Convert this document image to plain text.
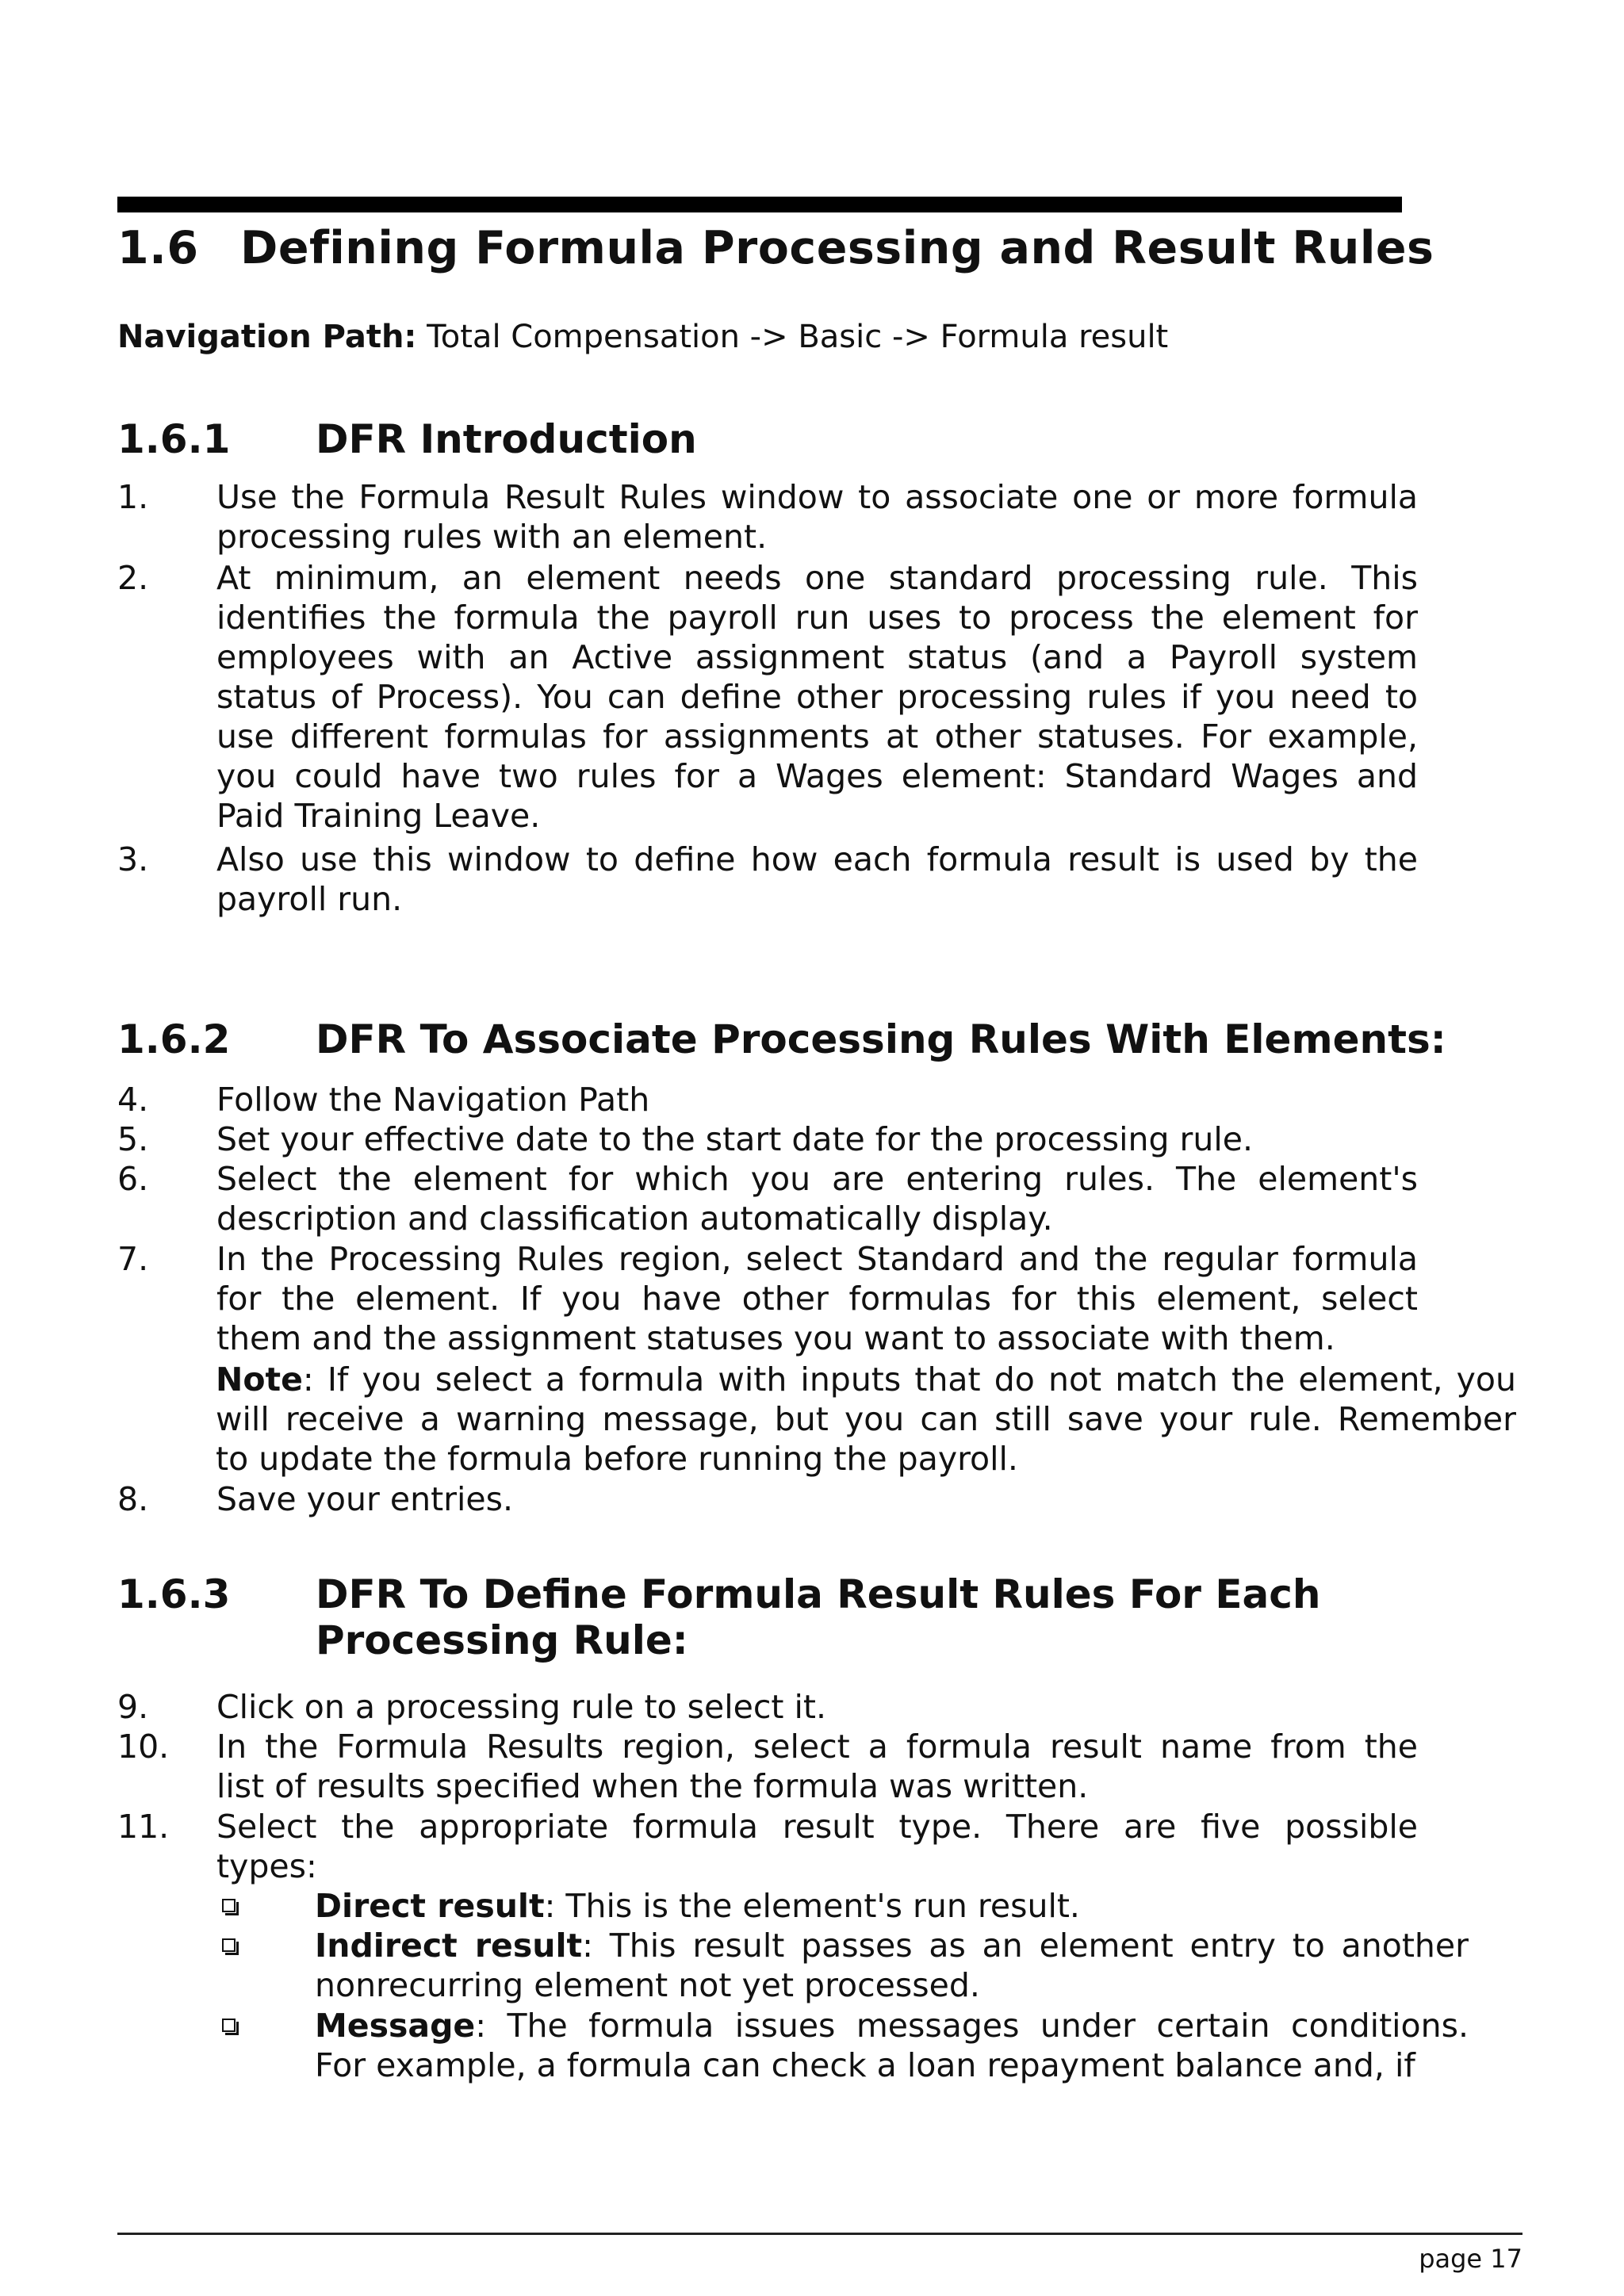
1.6 Defining Formula Processing and Result Rules
Navigation Path: Total Compensation -> Basic -> Formula result
1.6.1 DFR Introduction
1. Use the Formula Result Rules window to associate one or more formula
processing rules with an element.
2. At minimum, an element needs one standard processing rule. This
identifies the formula the payroll run uses to process the element for
employees with an Active assignment status (and a Payroll system
status of Process). You can define other processing rules if you need to
use different formulas for assignments at other statuses. For example,
you could have two rules for a Wages element: Standard Wages and
Paid Training Leave.
3. Also use this window to define how each formula result is used by the
payroll run.
1.6.2 DFR To Associate Processing Rules With Elements:
4. Follow the Navigation Path
5. Set your effective date to the start date for the processing rule.
6. Select the element for which you are entering rules. The element's
description and classification automatically display.
7. In the Processing Rules region, select Standard and the regular formula
for the element. If you have other formulas for this element, select
them and the assignment statuses you want to associate with them.
Note: If you select a formula with inputs that do not match the element, you
will receive a warning message, but you can still save your rule. Remember
to update the formula before running the payroll.
8. Save your entries.
1.6.3 DFR To Define Formula Result Rules For Each
Processing Rule:
9. Click on a processing rule to select it.
10. In the Formula Results region, select a formula result name from the
list of results specified when the formula was written.
11. Select the appropriate formula result type. There are five possible
types:
Direct result: This is the element's run result.
Indirect result: This result passes as an element entry to another
nonrecurring element not yet processed.
Message: The formula issues messages under certain conditions.
For example, a formula can check a loan repayment balance and, if
page 17
